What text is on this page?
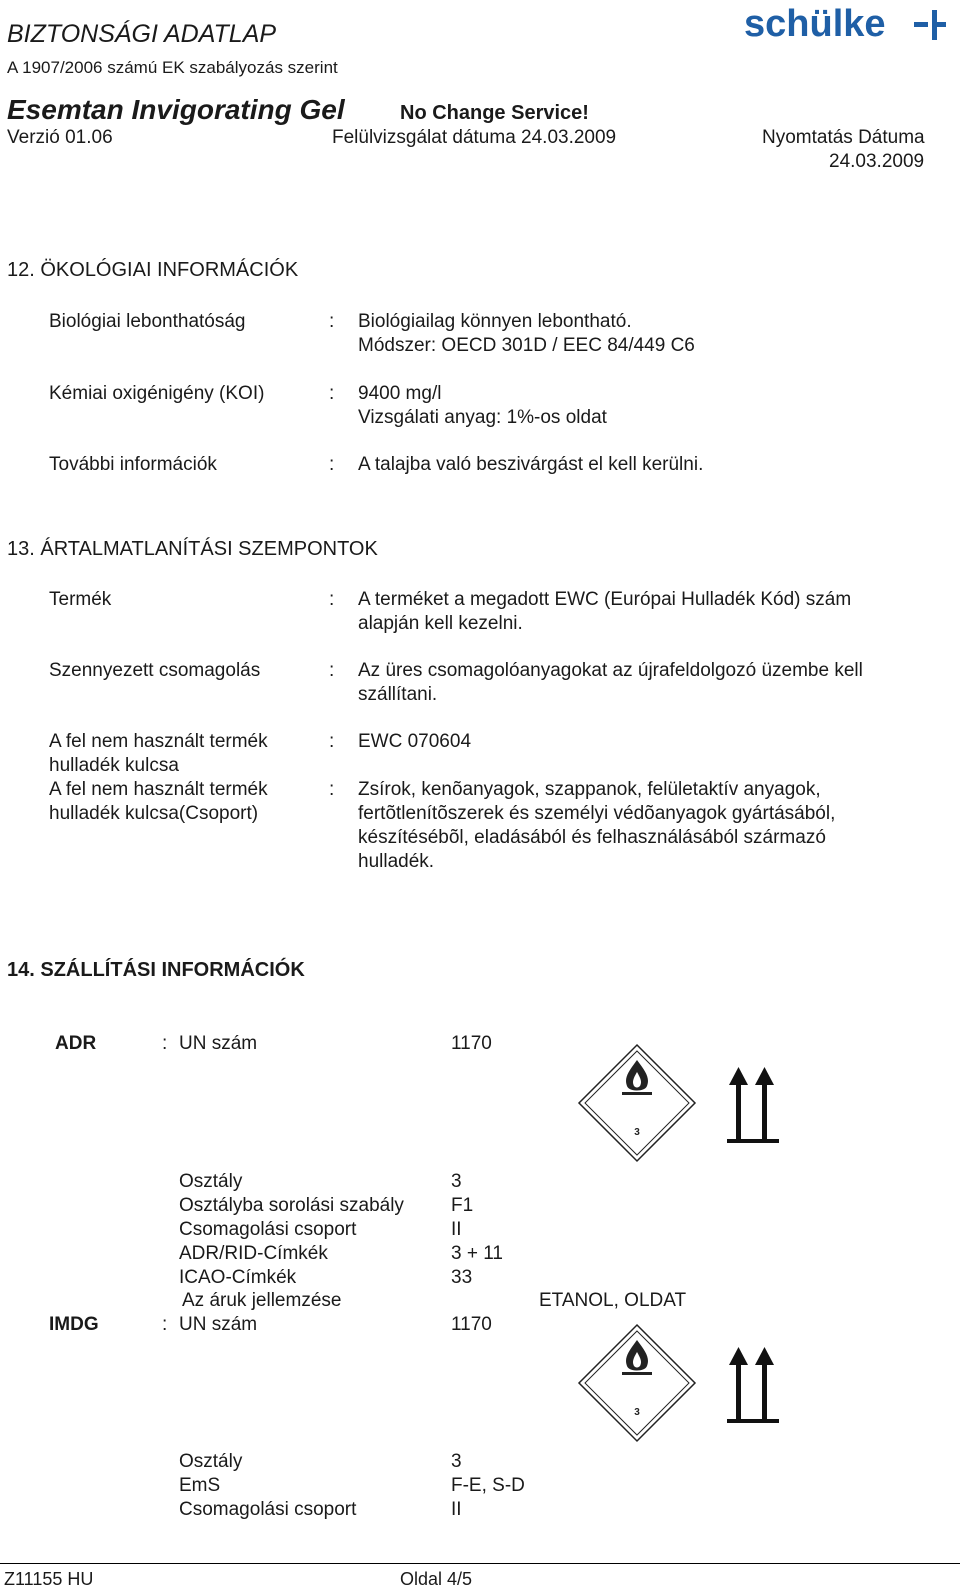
BIZTONSÁGI ADATLAP
A 1907/2006 számú EK szabályozás szerint
Esemtan Invigorating Gel	No Change Service!
Verzió 01.06	Felülvizsgálat dátuma 24.03.2009	Nyomtatás Dátuma
24.03.2009
schülke
12. ÖKOLÓGIAI INFORMÁCIÓK
Biológiai lebonthatóság	: Biológiailag könnyen lebontható.
Módszer: OECD 301D / EEC 84/449 C6
Kémiai oxigénigény (KOI)	: 9400 mg/l
Vizsgálati anyag: 1%-os oldat
További információk	: A talajba való beszivárgást el kell kerülni.
13. ÁRTALMATLANÍTÁSI SZEMPONTOK
Termék	: A terméket a megadott EWC (Európai Hulladék Kód) szám
alapján kell kezelni.
Szennyezett csomagolás	: Az üres csomagolóanyagokat az újrafeldolgozó üzembe kell
szállítani.
A fel nem használt termék
hulladék kulcsa
: EWC 070604
A fel nem használt termék
hulladék kulcsa(Csoport)
: Zsírok, kenõanyagok, szappanok, felületaktív anyagok,
fertõtlenítõszerek és személyi védõanyagok gyártásából,
készítésébõl, eladásából és felhasználásából származó
hulladék.
14. SZÁLLÍTÁSI INFORMÁCIÓK
ADR	: UN szám	1170
3
Osztály	3
Osztályba sorolási szabály F1
Csomagolási csoport	II
ADR/RID-Címkék	3 + 11
ICAO-Címkék	33
Az áruk jellemzése	ETANOL, OLDAT
IMDG	: UN szám	1170
3
Osztály	3
EmS	F-E, S-D
Csomagolási csoport	II
Z11155 HU	Oldal 4/5
